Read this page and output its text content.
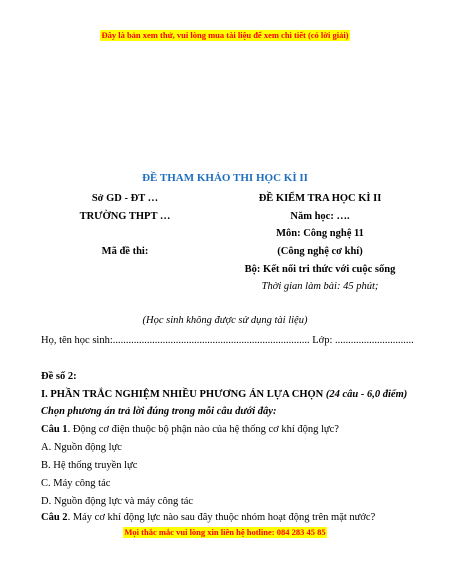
Đây là bản xem thử, vui lòng mua tài liệu để xem chi tiết (có lời giải)
ĐỀ THAM KHẢO THI HỌC KÌ II
Sở GD - ĐT …
TRƯỜNG THPT …
Mã đề thi:
ĐỀ KIỂM TRA HỌC KÌ II
Năm học: ….
Môn: Công nghệ 11
(Công nghệ cơ khí)
Bộ: Kết nối tri thức với cuộc sống
Thời gian làm bài: 45 phút;
(Học sinh không được sử dụng tài liệu)
Họ, tên học sinh:........................................................................... Lớp: ..............................
Đề số 2:
I. PHẦN TRẮC NGHIỆM NHIỀU PHƯƠNG ÁN LỰA CHỌN (24 câu - 6,0 điểm)
Chọn phương án trả lời đúng trong mỗi câu dưới đây:
Câu 1. Động cơ điện thuộc bộ phận nào của hệ thống cơ khí động lực?
A. Nguồn động lực
B. Hệ thống truyền lực
C. Máy công tác
D. Nguồn động lực và máy công tác
Câu 2. Máy cơ khí động lực nào sau đây thuộc nhóm hoạt động trên mặt nước?
Mọi thắc mắc vui lòng xin liên hệ hotline: 084 283 45 85
